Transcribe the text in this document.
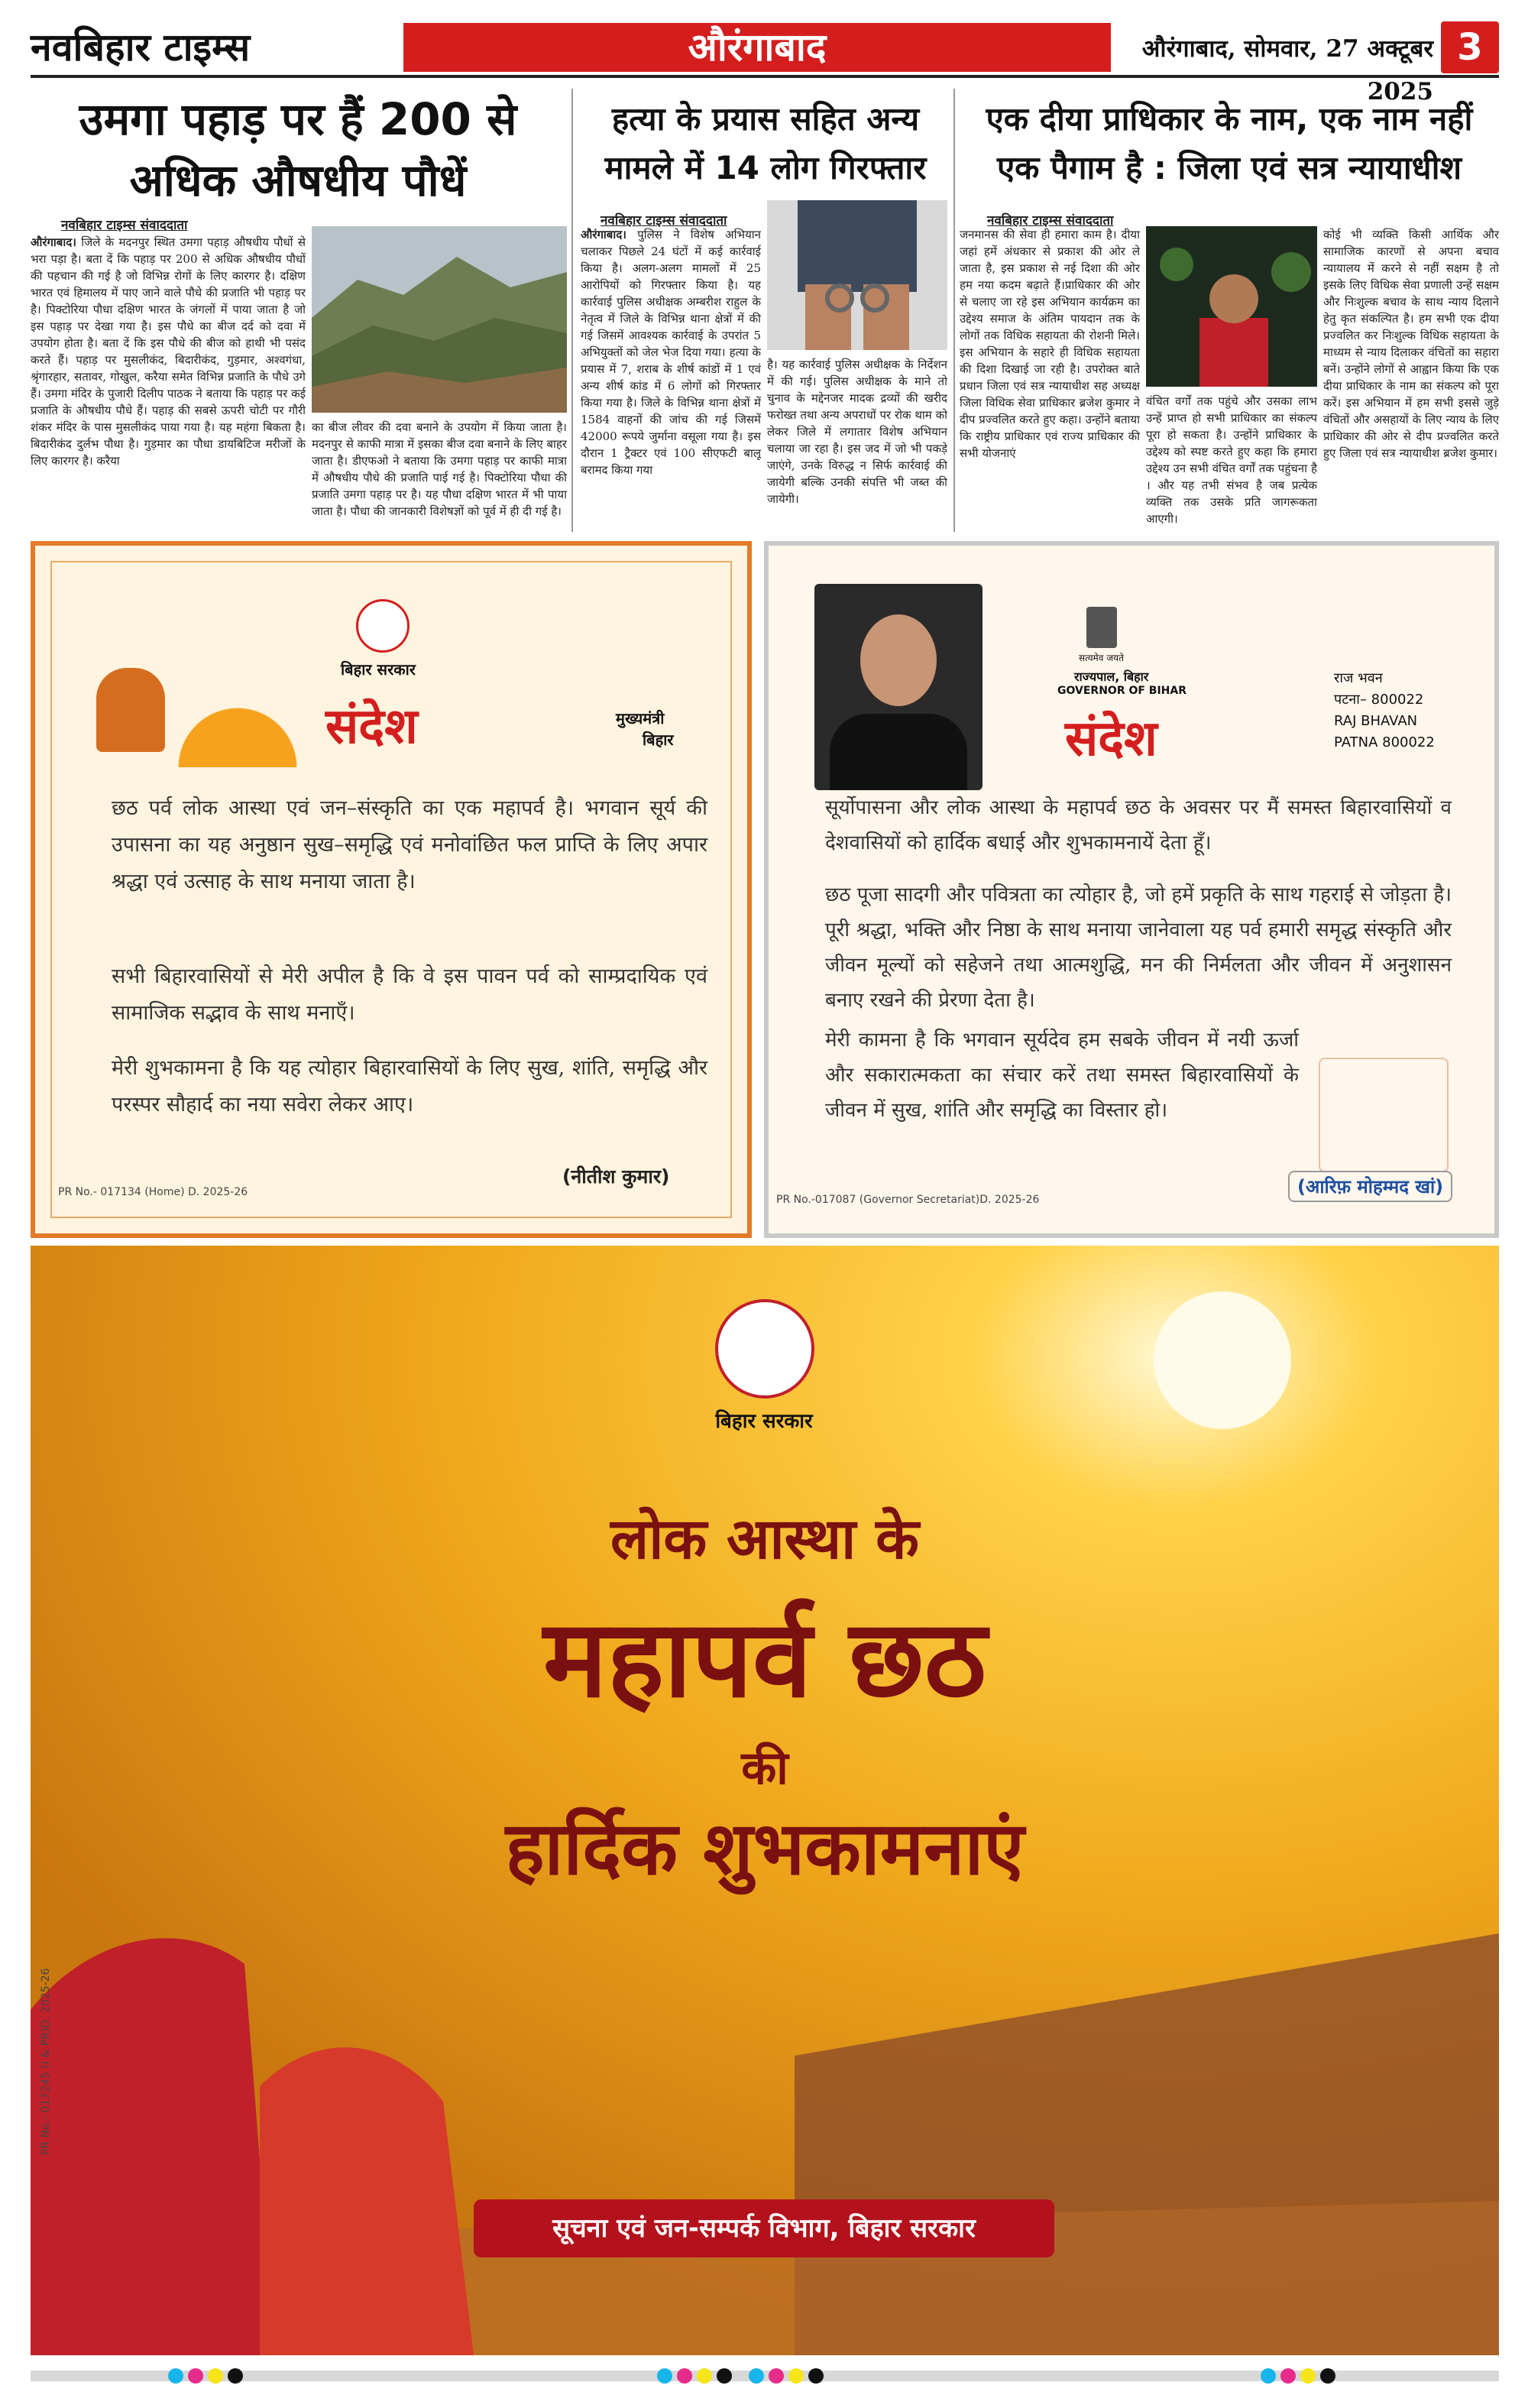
नवबिहार टाइम्स	औरंगाबाद	औरंगाबाद, सोमवार, 27 अक्टूबर 2025
3
उमगा पहाड़ पर हैं 200 से अधिक औषधीय पौधें
नवबिहार टाइम्स संवाददाता
औरंगाबाद। जिले के मदनपुर स्थित उमगा पहाड़ औषधीय पौधों से भरा पड़ा है। बता दें कि पहाड़ पर 200 से अधिक औषधीय पौधों की पहचान की गई है जो विभिन्न रोगों के लिए कारगर है। दक्षिण भारत एवं हिमालय में पाए जाने वाले पौधे की प्रजाति भी पहाड़ पर है। पिक्टोरिया पौधा दक्षिण भारत के जंगलों में पाया जाता है जो इस पहाड़ पर देखा गया है। इस पौधे का बीज दर्द को दवा में उपयोग होता है। बता दें कि इस पौधे की बीज को हाथी भी पसंद करते हैं। पहाड़ पर मुसलीकंद, बिदारीकंद, गुड़मार, अश्वगंधा, श्रृंगारहार, सतावर, गोखुल, करैया समेत विभिन्न प्रजाति के पौधे उगे हैं। उमगा मंदिर के पुजारी दिलीप पाठक ने बताया कि पहाड़ पर कई प्रजाति के औषधीय पौधे हैं। पहाड़ की सबसे ऊपरी चोटी पर गौरी शंकर मंदिर के पास मुसलीकंद पाया गया है। यह महंगा बिकता है। बिदारीकंद दुर्लभ पौधा है। गुड़मार का पौधा डायबिटिज मरीजों के लिए कारगर है। करैया
का बीज लीवर की दवा बनाने के उपयोग में किया जाता है। मदनपुर से काफी मात्रा में इसका बीज दवा बनाने के लिए बाहर जाता है। डीएफओ ने बताया कि उमगा पहाड़ पर काफी मात्रा में औषधीय पौधे की प्रजाति पाई गई है। पिक्टोरिया पौधा की प्रजाति उमगा पहाड़ पर है। यह पौधा दक्षिण भारत में भी पाया जाता है। पौधा की जानकारी विशेषज्ञों को पूर्व में ही दी गई है।
हत्या के प्रयास सहित अन्य मामले में 14 लोग गिरफ्तार
नवबिहार टाइम्स संवाददाता
औरंगाबाद। पुलिस ने विशेष अभियान चलाकर पिछले 24 घंटों में कई कार्रवाई किया है। अलग-अलग मामलों में 25 आरोपियों को गिरफ्तार किया है। यह कार्रवाई पुलिस अधीक्षक अम्बरीश राहुल के नेतृत्व में जिले के विभिन्न थाना क्षेत्रों में की गई जिसमें आवश्यक कार्रवाई के उपरांत 5 अभियुक्तों को जेल भेज दिया गया। हत्या के प्रयास में 7, शराब के शीर्ष कांडों में 1 एवं अन्य शीर्ष कांड में 6 लोगों को गिरफ्तार किया गया है। जिले के विभिन्न थाना क्षेत्रों में 1584 वाहनों की जांच की गई जिसमें 42000 रूपये जुर्माना वसूला गया है। इस दौरान 1 ट्रैक्टर एवं 100 सीएफटी बालू बरामद किया गया
है। यह कार्रवाई पुलिस अधीक्षक के निर्देशन में की गई। पुलिस अधीक्षक के माने तो चुनाव के मद्देनजर मादक द्रव्यों की खरीद फरोख्त तथा अन्य अपराधों पर रोक थाम को लेकर जिले में लगातार विशेष अभियान चलाया जा रहा है। इस जद में जो भी पकड़े जाएंगे, उनके विरुद्ध न सिर्फ कार्रवाई की जायेगी बल्कि उनकी संपत्ति भी जब्त की जायेगी।
एक दीया प्राधिकार के नाम, एक नाम नहीं एक पैगाम है : जिला एवं सत्र न्यायाधीश
नवबिहार टाइम्स संवाददाता
जनमानस की सेवा ही हमारा काम है। दीया जहां हमें अंधकार से प्रकाश की ओर ले जाता है, इस प्रकाश से नई दिशा की ओर हम नया कदम बढ़ाते हैं।प्राधिकार की ओर से चलाए जा रहे इस अभियान कार्यक्रम का उद्देश्य समाज के अंतिम पायदान तक के लोगों तक विधिक सहायता की रोशनी मिले। इस अभियान के सहारे ही विधिक सहायता की दिशा दिखाई जा रही है। उपरोक्त बाते प्रधान जिला एवं सत्र न्यायाधीश सह अध्यक्ष जिला विधिक सेवा प्राधिकार ब्रजेश कुमार ने दीप प्रज्वलित करते हुए कहा। उन्होंने बताया कि राष्ट्रीय प्राधिकार एवं राज्य प्राधिकार की सभी योजनाएं
वंचित वर्गों तक पहुंचे और उसका लाभ उन्हें प्राप्त हो सभी प्राधिकार का संकल्प पूरा हो सकता है। उन्होंने प्राधिकार के उद्देश्य को स्पष्ट करते हुए कहा कि हमारा उद्देश्य उन सभी वंचित वर्गों तक पहुंचना है । और यह तभी संभव है जब प्रत्येक व्यक्ति तक उसके प्रति जागरूकता आएगी।
कोई भी व्यक्ति किसी आर्थिक और सामाजिक कारणों से अपना बचाव न्यायालय में करने से नहीं सक्षम है तो इसके लिए विधिक सेवा प्रणाली उन्हें सक्षम और निःशुल्क बचाव के साथ न्याय दिलाने हेतु कृत संकल्पित है। हम सभी एक दीया प्रज्वलित कर निःशुल्क विधिक सहायता के माध्यम से न्याय दिलाकर वंचितों का सहारा बनें। उन्होंने लोगों से आह्वान किया कि एक दीया प्राधिकार के नाम का संकल्प को पूरा करें। इस अभियान में हम सभी इससे जुड़े वंचितों और असहायों के लिए न्याय के लिए प्राधिकार की ओर से दीप प्रज्वलित करते हुए जिला एवं सत्र न्यायाधीश ब्रजेश कुमार।
बिहार सरकार
संदेश	मुख्यमंत्री
बिहार
छठ पर्व लोक आस्था एवं जन–संस्कृति का एक महापर्व है। भगवान सूर्य की उपासना का यह अनुष्ठान सुख–समृद्धि एवं मनोवांछित फल प्राप्ति के लिए अपार श्रद्धा एवं उत्साह के साथ मनाया जाता है।
सभी बिहारवासियों से मेरी अपील है कि वे इस पावन पर्व को साम्प्रदायिक एवं सामाजिक सद्भाव के साथ मनाएँ।
मेरी शुभकामना है कि यह त्योहार बिहारवासियों के लिए सुख, शांति, समृद्धि और परस्पर सौहार्द का नया सवेरा लेकर आए।
(नीतीश कुमार)
PR No.- 017134 (Home) D. 2025-26
सत्यमेव जयते
राज्यपाल, बिहार
GOVERNOR OF BIHAR
संदेश
राज भवन
पटना– 800022
RAJ BHAVAN
PATNA 800022
सूर्योपासना और लोक आस्था के महापर्व छठ के अवसर पर मैं समस्त बिहारवासियों व देशवासियों को हार्दिक बधाई और शुभकामनायें देता हूँ।
छठ पूजा सादगी और पवित्रता का त्योहार है, जो हमें प्रकृति के साथ गहराई से जोड़ता है। पूरी श्रद्धा, भक्ति और निष्ठा के साथ मनाया जानेवाला यह पर्व हमारी समृद्ध संस्कृति और जीवन मूल्यों को सहेजने तथा आत्मशुद्धि, मन की निर्मलता और जीवन में अनुशासन बनाए रखने की प्रेरणा देता है।
मेरी कामना है कि भगवान सूर्यदेव हम सबके जीवन में नयी ऊर्जा और सकारात्मकता का संचार करें तथा समस्त बिहारवासियों के जीवन में सुख, शांति और समृद्धि का विस्तार हो।
(आरिफ़ मोहम्मद खां)
PR No.-017087 (Governor Secretariat)D. 2025-26
बिहार सरकार
लोक आस्था के
महापर्व छठ
की
हार्दिक शुभकामनाएं
PR No.- 017245 (I & PR)D. 2025-26
सूचना एवं जन-सम्पर्क विभाग, बिहार सरकार
